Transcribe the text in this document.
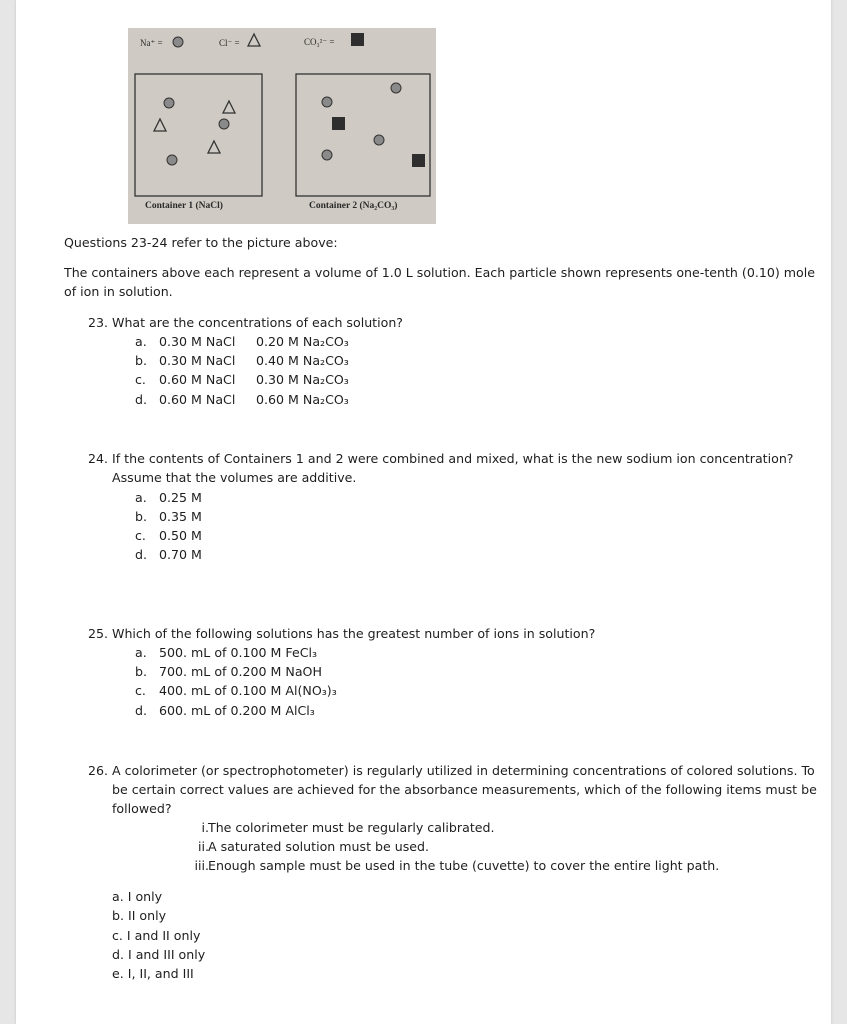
Na⁺ =	Cl⁻ =	CO₃²⁻ =
Container 1 (NaCl)	Container 2 (Na₂CO₃)
Questions 23-24 refer to the picture above:
The containers above each represent a volume of 1.0 L solution. Each particle shown represents one-tenth (0.10) mole
of ion in solution.
23. What are the concentrations of each solution?
a. 0.30 M NaCl 0.20 M Na₂CO₃
b. 0.30 M NaCl 0.40 M Na₂CO₃
c. 0.60 M NaCl 0.30 M Na₂CO₃
d. 0.60 M NaCl 0.60 M Na₂CO₃
24. If the contents of Containers 1 and 2 were combined and mixed, what is the new sodium ion concentration?
Assume that the volumes are additive.
a. 0.25 M
b. 0.35 M
c. 0.50 M
d. 0.70 M
25. Which of the following solutions has the greatest number of ions in solution?
a. 500. mL of 0.100 M FeCl₃
b. 700. mL of 0.200 M NaOH
c. 400. mL of 0.100 M Al(NO₃)₃
d. 600. mL of 0.200 M AlCl₃
26. A colorimeter (or spectrophotometer) is regularly utilized in determining concentrations of colored solutions. To
be certain correct values are achieved for the absorbance measurements, which of the following items must be
followed?
i. The colorimeter must be regularly calibrated.
ii. A saturated solution must be used.
iii. Enough sample must be used in the tube (cuvette) to cover the entire light path.
a. I only
b. II only
c. I and II only
d. I and III only
e. I, II, and III
